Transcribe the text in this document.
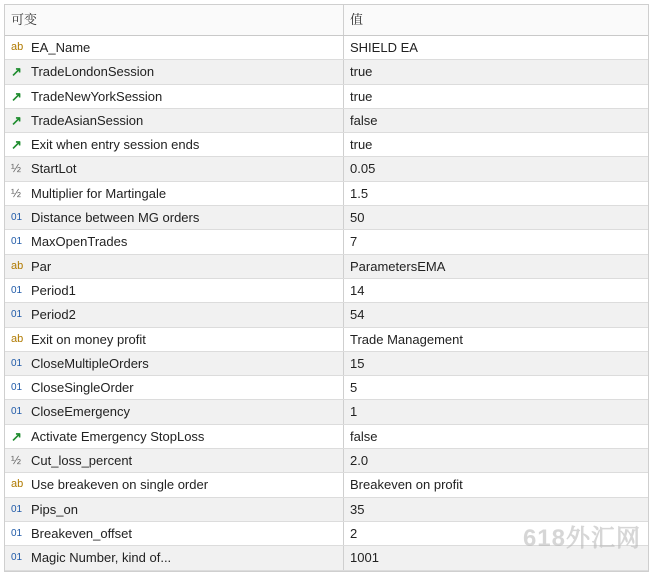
可变	值
ab EA_Name	SHIELD EA
↗ TradeLondonSession	true
↗ TradeNewYorkSession	true
↗ TradeAsianSession	false
↗ Exit when entry session ends	true
½ StartLot	0.05
½ Multiplier for Martingale	1.5
01 Distance between MG orders	50
01 MaxOpenTrades	7
ab Par	ParametersEMA
01 Period1	14
01 Period2	54
ab Exit on money profit	Trade Management
01 CloseMultipleOrders	15
01 CloseSingleOrder	5
01 CloseEmergency	1
↗ Activate Emergency StopLoss	false
½ Cut_loss_percent	2.0
ab Use breakeven on single order	Breakeven on profit
01 Pips_on	35
01 Breakeven_offset	2
01 Magic Number, kind of...	1001
618外汇网
